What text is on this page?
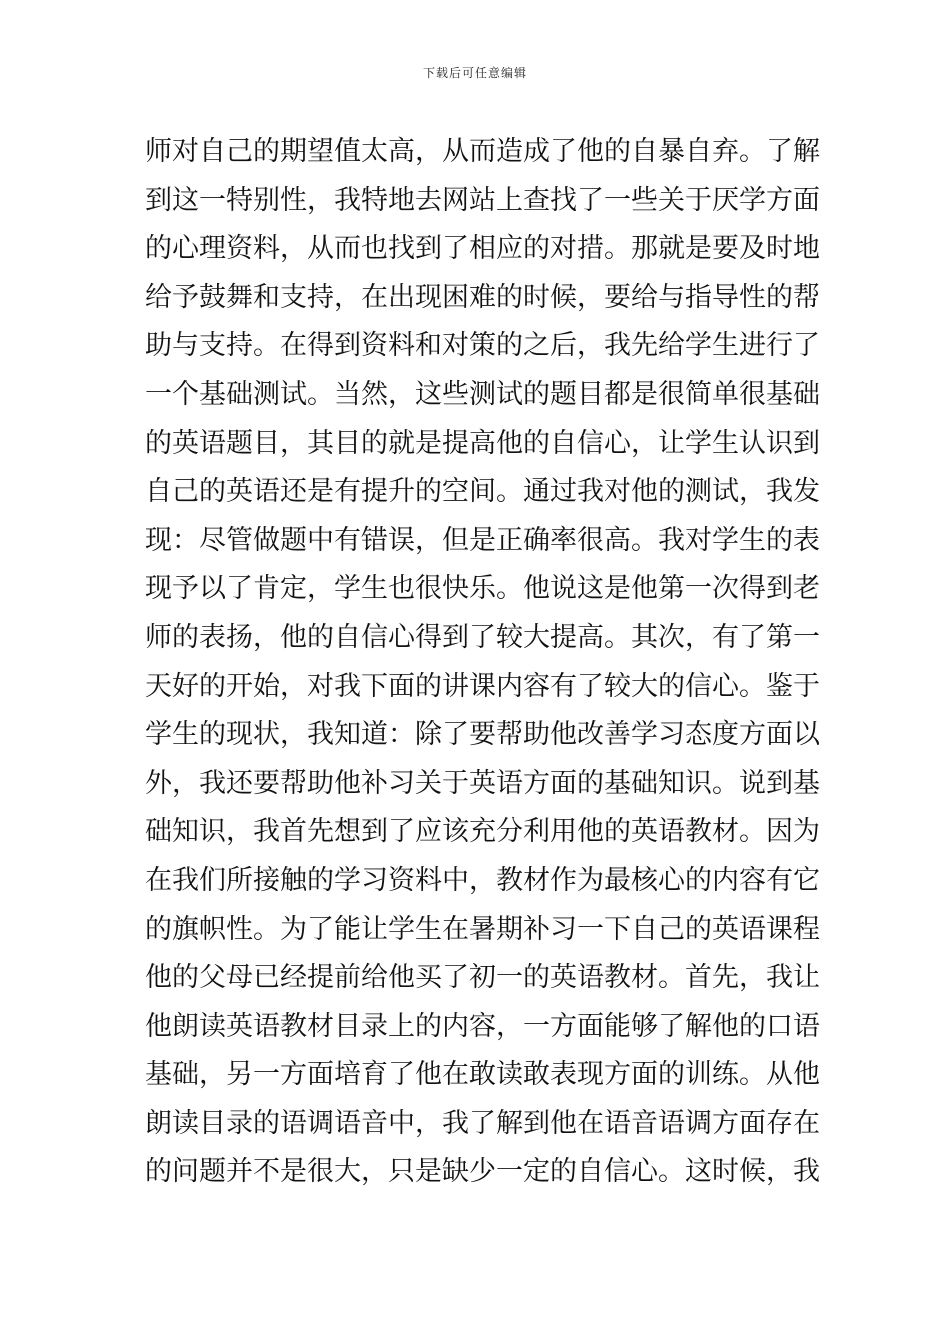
下载后可任意编辑
师对自己的期望值太高，从而造成了他的自暴自弃。了解
到这一特别性，我特地去网站上查找了一些关于厌学方面
的心理资料，从而也找到了相应的对措。那就是要及时地
给予鼓舞和支持，在出现困难的时候，要给与指导性的帮
助与支持。在得到资料和对策的之后，我先给学生进行了
一个基础测试。当然，这些测试的题目都是很简单很基础
的英语题目，其目的就是提高他的自信心，让学生认识到
自己的英语还是有提升的空间。通过我对他的测试，我发
现：尽管做题中有错误，但是正确率很高。我对学生的表
现予以了肯定，学生也很快乐。他说这是他第一次得到老
师的表扬，他的自信心得到了较大提高。其次，有了第一
天好的开始，对我下面的讲课内容有了较大的信心。鉴于
学生的现状，我知道：除了要帮助他改善学习态度方面以
外，我还要帮助他补习关于英语方面的基础知识。说到基
础知识，我首先想到了应该充分利用他的英语教材。因为
在我们所接触的学习资料中，教材作为最核心的内容有它
的旗帜性。为了能让学生在暑期补习一下自己的英语课程
他的父母已经提前给他买了初一的英语教材。首先，我让
他朗读英语教材目录上的内容，一方面能够了解他的口语
基础，另一方面培育了他在敢读敢表现方面的训练。从他
朗读目录的语调语音中，我了解到他在语音语调方面存在
的问题并不是很大，只是缺少一定的自信心。这时候，我
